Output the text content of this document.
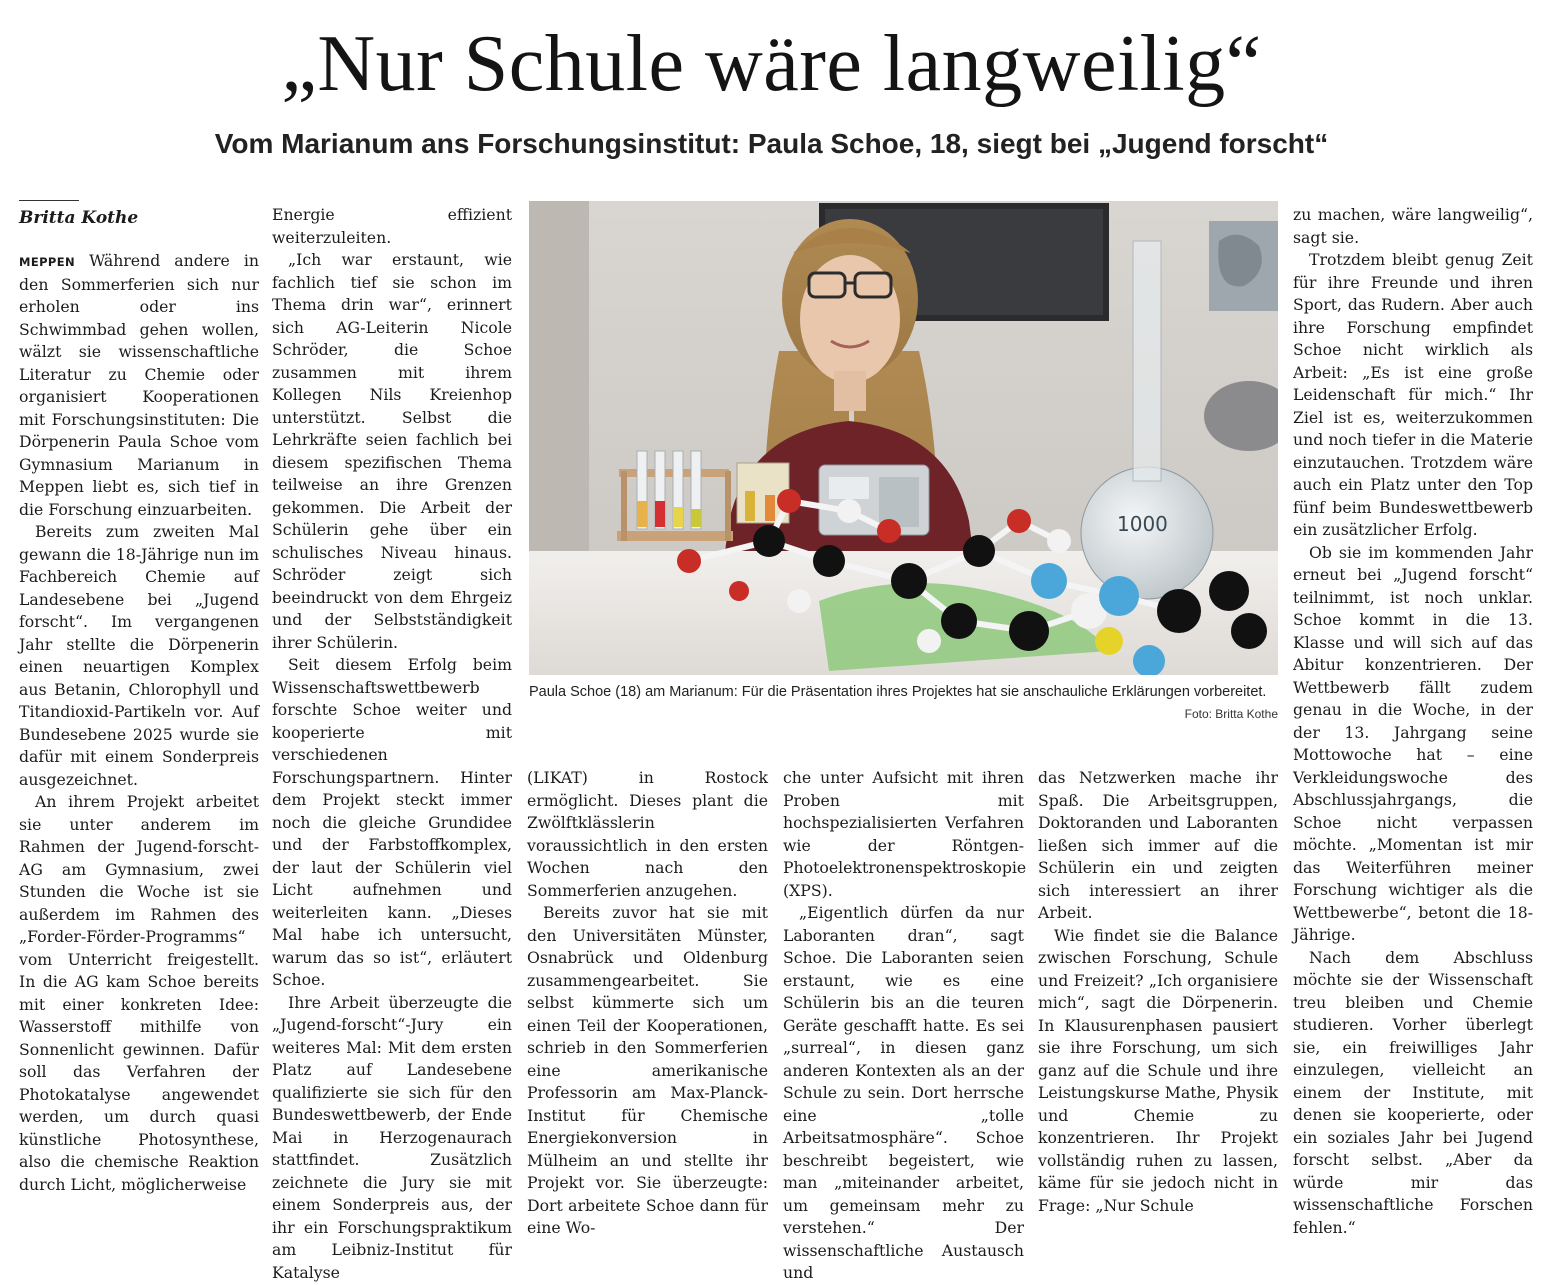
„Nur Schule wäre langweilig“
Vom Marianum ans Forschungsinstitut: Paula Schoe, 18, siegt bei „Jugend forscht“
Britta Kothe

MEPPEN Während andere in den Sommerferien sich nur erholen oder ins Schwimmbad gehen wollen, wälzt sie wissenschaftliche Literatur zu Chemie oder organisiert Kooperationen mit Forschungsinstituten: Die Dörpenerin Paula Schoe vom Gymnasium Marianum in Meppen liebt es, sich tief in die Forschung einzuarbeiten.

Bereits zum zweiten Mal gewann die 18-Jährige nun im Fachbereich Chemie auf Landesebene bei „Jugend forscht“. Im vergangenen Jahr stellte die Dörpenerin einen neuartigen Komplex aus Betanin, Chlorophyll und Titandioxid-Partikeln vor. Auf Bundesebene 2025 wurde sie dafür mit einem Sonderpreis ausgezeichnet.

An ihrem Projekt arbeitet sie unter anderem im Rahmen der Jugend-forscht-AG am Gymnasium, zwei Stunden die Woche ist sie außerdem im Rahmen des „Forder-Förder-Programms“ vom Unterricht freigestellt. In die AG kam Schoe bereits mit einer konkreten Idee: Wasserstoff mithilfe von Sonnenlicht gewinnen. Dafür soll das Verfahren der Photokatalyse angewendet werden, um durch quasi künstliche Photosynthese, also die chemische Reaktion durch Licht, möglicherweise

Energie effizient weiterzuleiten.

„Ich war erstaunt, wie fachlich tief sie schon im Thema drin war“, erinnert sich AG-Leiterin Nicole Schröder, die Schoe zusammen mit ihrem Kollegen Nils Kreienhop unterstützt. Selbst die Lehrkräfte seien fachlich bei diesem spezifischen Thema teilweise an ihre Grenzen gekommen. Die Arbeit der Schülerin gehe über ein schulisches Niveau hinaus. Schröder zeigt sich beeindruckt von dem Ehrgeiz und der Selbstständigkeit ihrer Schülerin.

Seit diesem Erfolg beim Wissenschaftswettbewerb forschte Schoe weiter und kooperierte mit verschiedenen Forschungspartnern. Hinter dem Projekt steckt immer noch die gleiche Grundidee und der Farbstoffkomplex, der laut der Schülerin viel Licht aufnehmen und weiterleiten kann. „Dieses Mal habe ich untersucht, warum das so ist“, erläutert Schoe.

Ihre Arbeit überzeugte die „Jugend-forscht“-Jury ein weiteres Mal: Mit dem ersten Platz auf Landesebene qualifizierte sie sich für den Bundeswettbewerb, der Ende Mai in Herzogenaurach stattfindet. Zusätzlich zeichnete die Jury sie mit einem Sonderpreis aus, der ihr ein Forschungspraktikum am Leibniz-Institut für Katalyse

1000
Paula Schoe (18) am Marianum: Für die Präsentation ihres Projektes hat sie anschauliche Erklärungen vorbereitet.
Foto: Britta Kothe

(LIKAT) in Rostock ermöglicht. Dieses plant die Zwölftklässlerin voraussichtlich in den ersten Wochen nach den Sommerferien anzugehen.

Bereits zuvor hat sie mit den Universitäten Münster, Osnabrück und Oldenburg zusammengearbeitet. Sie selbst kümmerte sich um einen Teil der Kooperationen, schrieb in den Sommerferien eine amerikanische Professorin am Max-Planck-Institut für Chemische Energiekonversion in Mülheim an und stellte ihr Projekt vor. Sie überzeugte: Dort arbeitete Schoe dann für eine Wo-

che unter Aufsicht mit ihren Proben mit hochspezialisierten Verfahren wie der Röntgen-Photoelektronenspektroskopie (XPS).

„Eigentlich dürfen da nur Laboranten dran“, sagt Schoe. Die Laboranten seien erstaunt, wie es eine Schülerin bis an die teuren Geräte geschafft hatte. Es sei „surreal“, in diesen ganz anderen Kontexten als an der Schule zu sein. Dort herrsche eine „tolle Arbeitsatmosphäre“. Schoe beschreibt begeistert, wie man „miteinander arbeitet, um gemeinsam mehr zu verstehen.“ Der wissenschaftliche Austausch und

das Netzwerken mache ihr Spaß. Die Arbeitsgruppen, Doktoranden und Laboranten ließen sich immer auf die Schülerin ein und zeigten sich interessiert an ihrer Arbeit.

Wie findet sie die Balance zwischen Forschung, Schule und Freizeit? „Ich organisiere mich“, sagt die Dörpenerin. In Klausurenphasen pausiert sie ihre Forschung, um sich ganz auf die Schule und ihre Leistungskurse Mathe, Physik und Chemie zu konzentrieren. Ihr Projekt vollständig ruhen zu lassen, käme für sie jedoch nicht in Frage: „Nur Schule

zu machen, wäre langweilig“, sagt sie.

Trotzdem bleibt genug Zeit für ihre Freunde und ihren Sport, das Rudern. Aber auch ihre Forschung empfindet Schoe nicht wirklich als Arbeit: „Es ist eine große Leidenschaft für mich.“ Ihr Ziel ist es, weiterzukommen und noch tiefer in die Materie einzutauchen. Trotzdem wäre auch ein Platz unter den Top fünf beim Bundeswettbewerb ein zusätzlicher Erfolg.

Ob sie im kommenden Jahr erneut bei „Jugend forscht“ teilnimmt, ist noch unklar. Schoe kommt in die 13. Klasse und will sich auf das Abitur konzentrieren. Der Wettbewerb fällt zudem genau in die Woche, in der der 13. Jahrgang seine Mottowoche hat – eine Verkleidungswoche des Abschlussjahrgangs, die Schoe nicht verpassen möchte. „Momentan ist mir das Weiterführen meiner Forschung wichtiger als die Wettbewerbe“, betont die 18-Jährige.

Nach dem Abschluss möchte sie der Wissenschaft treu bleiben und Chemie studieren. Vorher überlegt sie, ein freiwilliges Jahr einzulegen, vielleicht an einem der Institute, mit denen sie kooperierte, oder ein soziales Jahr bei Jugend forscht selbst. „Aber da würde mir das wissenschaftliche Forschen fehlen.“
